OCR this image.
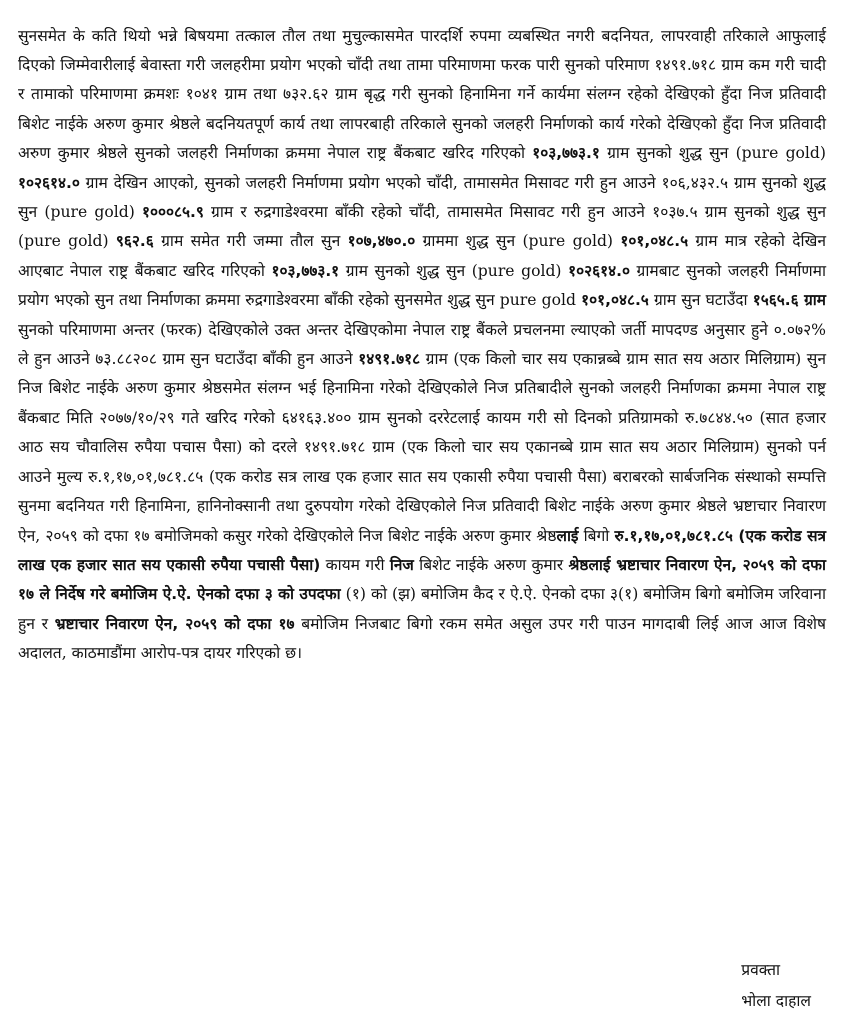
सुनसमेत के कति थियो भन्ने बिषयमा तत्काल तौल तथा मुचुल्कासमेत पारदर्शि रुपमा व्यबस्थित नगरी बदनियत, लापरवाही तरिकाले आफुलाई दिएको जिम्मेवारीलाई बेवास्ता गरी जलहरीमा प्रयोग भएको चाँदी तथा तामा परिमाणमा फरक पारी सुनको परिमाण १४९१.७१८ ग्राम कम गरी चादी र तामाको परिमाणमा क्रमशः १०४१ ग्राम तथा ७३२.६२ ग्राम बृद्ध गरी सुनको हिनामिना गर्ने कार्यमा संलग्न रहेको देखिएको हुँदा निज प्रतिवादी बिशेट नाईके अरुण कुमार श्रेष्ठले बदनियतपूर्ण कार्य तथा लापरबाही तरिकाले सुनको जलहरी निर्माणको कार्य गरेको देखिएको हुँदा निज प्रतिवादी अरुण कुमार श्रेष्ठले सुनको जलहरी निर्माणका क्रममा नेपाल राष्ट्र बैंकबाट खरिद गरिएको १०३,७७३.१ ग्राम सुनको शुद्ध सुन (pure gold) १०२६१४.० ग्राम देखिन आएको, सुनको जलहरी निर्माणमा प्रयोग भएको चाँदी, तामासमेत मिसावट गरी हुन आउने १०६,४३२.५ ग्राम सुनको शुद्ध सुन (pure gold) १०००८५.९ ग्राम र रुद्रगाडेश्वरमा बाँकी रहेको चाँदी, तामासमेत मिसावट गरी हुन आउने १०३७.५ ग्राम सुनको शुद्ध सुन (pure gold) ९६२.६ ग्राम समेत गरी जम्मा तौल सुन १०७,४७०.० ग्राममा शुद्ध सुन (pure gold) १०१,०४८.५ ग्राम मात्र रहेको देखिन आएबाट नेपाल राष्ट्र बैंकबाट खरिद गरिएको १०३,७७३.१ ग्राम सुनको शुद्ध सुन (pure gold) १०२६१४.० ग्रामबाट सुनको जलहरी निर्माणमा प्रयोग भएको सुन तथा निर्माणका क्रममा रुद्रगाडेश्वरमा बाँकी रहेको सुनसमेत शुद्ध सुन pure gold १०१,०४८.५ ग्राम सुन घटाउँदा १५६५.६ ग्राम सुनको परिमाणमा अन्तर (फरक) देखिएकोले उक्त अन्तर देखिएकोमा नेपाल राष्ट्र बैंकले प्रचलनमा ल्याएको जर्ती मापदण्ड अनुसार हुने ०.०७२% ले हुन आउने ७३.८८२०८ ग्राम सुन घटाउँदा बाँकी हुन आउने १४९१.७१८ ग्राम (एक किलो चार सय एकान्नब्बे ग्राम सात सय अठार मिलिग्राम) सुन निज बिशेट नाईके अरुण कुमार श्रेष्ठसमेत संलग्न भई हिनामिना गरेको देखिएकोले निज प्रतिबादीले सुनको जलहरी निर्माणका क्रममा नेपाल राष्ट्र बैंकबाट मिति २०७७/१०/२९ गते खरिद गरेको ६४१६३.४०० ग्राम सुनको दररेटलाई कायम गरी सो दिनको प्रतिग्रामको रु.७८४४.५० (सात हजार आठ सय चौवालिस रुपैया पचास पैसा) को दरले १४९१.७१८ ग्राम (एक किलो चार सय एकानब्बे ग्राम सात सय अठार मिलिग्राम) सुनको पर्न आउने मुल्य रु.१,१७,०१,७८१.८५ (एक करोड सत्र लाख एक हजार सात सय एकासी रुपैया पचासी पैसा) बराबरको सार्बजनिक संस्थाको सम्पत्ति सुनमा बदनियत गरी हिनामिना, हानिनोक्सानी तथा दुरुपयोग गरेको देखिएकोले निज प्रतिवादी बिशेट नाईके अरुण कुमार श्रेष्ठले भ्रष्टाचार निवारण ऐन, २०५९ को दफा १७ बमोजिमको कसुर गरेको देखिएकोले निज बिशेट नाईके अरुण कुमार श्रेष्ठलाई बिगो रु.१,१७,०१,७८१.८५ (एक करोड सत्र लाख एक हजार सात सय एकासी रुपैया पचासी पैसा) कायम गरी निज बिशेट नाईके अरुण कुमार श्रेष्ठलाई भ्रष्टाचार निवारण ऐन, २०५९ को दफा १७ ले निर्देष गरे बमोजिम ऐ.ऐ. ऐनको दफा ३ को उपदफा (१) को (झ) बमोजिम कैद र ऐ.ऐ. ऐनको दफा ३(१) बमोजिम बिगो बमोजिम जरिवाना हुन र भ्रष्टाचार निवारण ऐन, २०५९ को दफा १७ बमोजिम निजबाट बिगो रकम समेत असुल उपर गरी पाउन मागदाबी लिई आज आज विशेष अदालत, काठमाडौंमा आरोप-पत्र दायर गरिएको छ।

प्रवक्ता
भोला दाहाल
